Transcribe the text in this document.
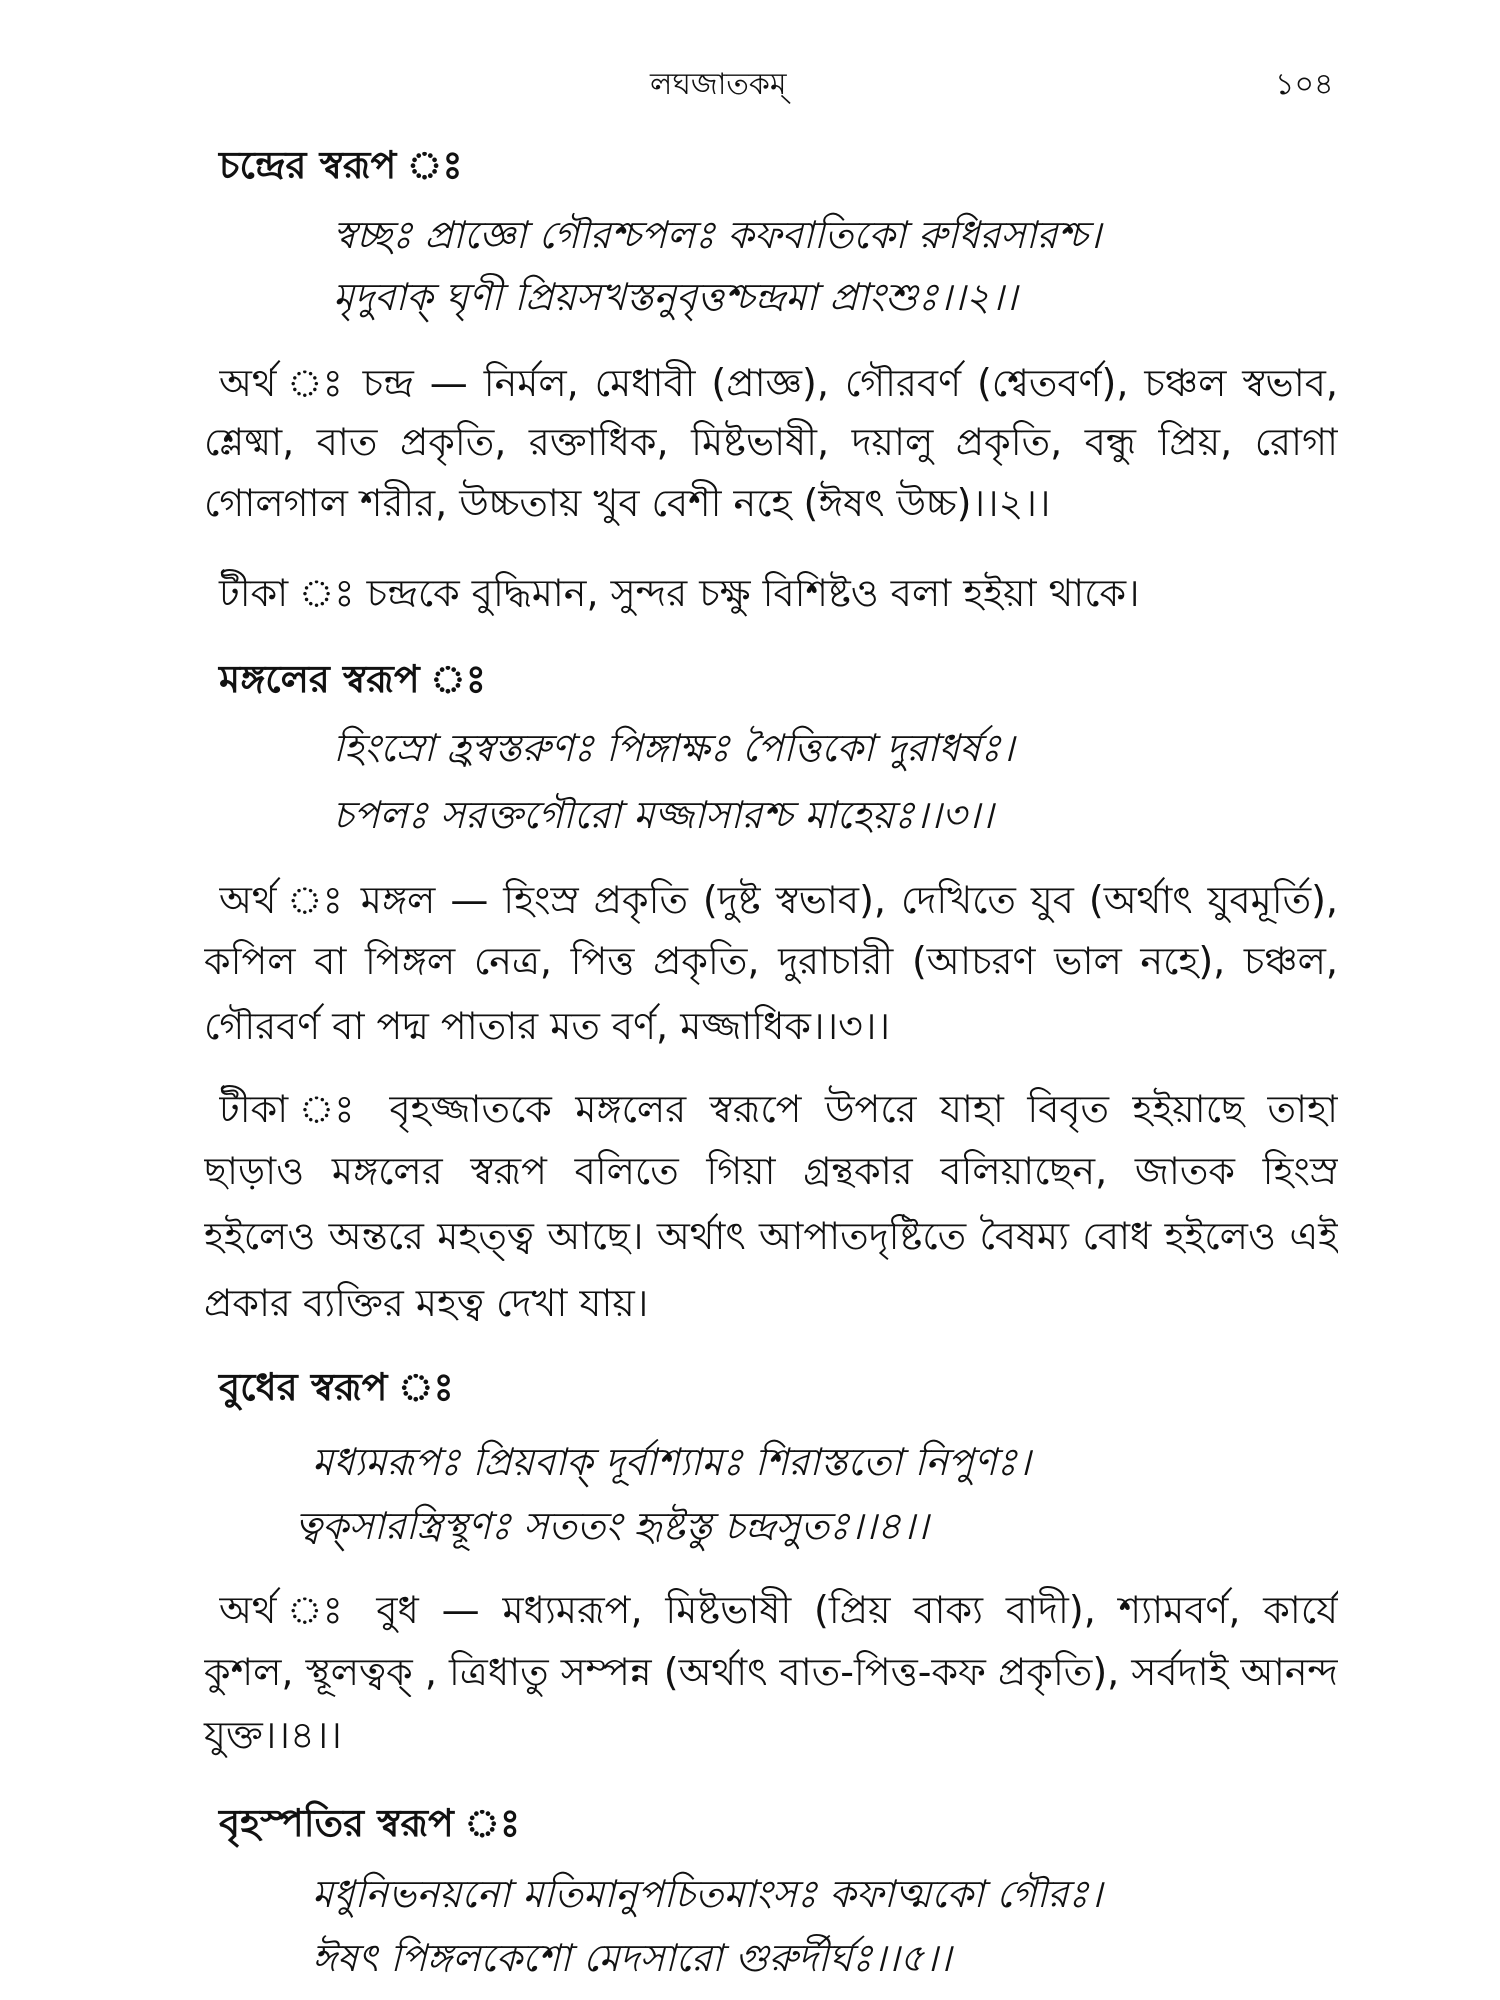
লঘজাতকম্	১০৪
চন্দ্রের স্বরূপ ঃ
স্বচ্ছঃ প্রাজ্ঞো গৌরশ্চপলঃ কফবাতিকো রুধিরসারশ্চ।
মৃদুবাক্ ঘৃণী প্রিয়সখস্তনুবৃত্তশ্চন্দ্রমা প্রাংশুঃ।।২।।
অর্থ ঃ চন্দ্র — নির্মল, মেধাবী (প্রাজ্ঞ), গৌরবর্ণ (শ্বেতবর্ণ), চঞ্চল স্বভাব,
শ্লেষ্মা, বাত প্রকৃতি, রক্তাধিক, মিষ্টভাষী, দয়ালু প্রকৃতি, বন্ধু প্রিয়, রোগা
গোলগাল শরীর, উচ্চতায় খুব বেশী নহে (ঈষৎ উচ্চ)।।২।।
টীকা ঃ চন্দ্রকে বুদ্ধিমান, সুন্দর চক্ষু বিশিষ্টও বলা হইয়া থাকে।
মঙ্গলের স্বরূপ ঃ
হিংস্রো হ্রস্বস্তরুণঃ পিঙ্গাক্ষঃ পৈত্তিকো দুরাধর্ষঃ।
চপলঃ সরক্তগৌরো মজ্জাসারশ্চ মাহেয়ঃ।।৩।।
অর্থ ঃ মঙ্গল — হিংস্র প্রকৃতি (দুষ্ট স্বভাব), দেখিতে যুব (অর্থাৎ যুবমূর্তি),
কপিল বা পিঙ্গল নেত্র, পিত্ত প্রকৃতি, দুরাচারী (আচরণ ভাল নহে), চঞ্চল,
গৌরবর্ণ বা পদ্ম পাতার মত বর্ণ, মজ্জাধিক।।৩।।
টীকা ঃ বৃহজ্জাতকে মঙ্গলের স্বরূপে উপরে যাহা বিবৃত হইয়াছে তাহা
ছাড়াও মঙ্গলের স্বরূপ বলিতে গিয়া গ্রন্থকার বলিয়াছেন, জাতক হিংস্র
হইলেও অন্তরে মহত্ত্ব আছে। অর্থাৎ আপাতদৃষ্টিতে বৈষম্য বোধ হইলেও এই
প্রকার ব্যক্তির মহত্ব দেখা যায়।
বুধের স্বরূপ ঃ
মধ্যমরূপঃ প্রিয়বাক্ দূর্বাশ্যামঃ শিরাস্ততো নিপুণঃ।
ত্বক্‌সারস্ত্রিস্থূণঃ সততং হৃষ্টস্তু চন্দ্রসুতঃ।।৪।।
অর্থ ঃ বুধ — মধ্যমরূপ, মিষ্টভাষী (প্রিয় বাক্য বাদী), শ্যামবর্ণ, কার্যে
কুশল, স্থূলত্বক্ , ত্রিধাতু সম্পন্ন (অর্থাৎ বাত-পিত্ত-কফ প্রকৃতি), সর্বদাই আনন্দ
যুক্ত।।৪।।
বৃহস্পতির স্বরূপ ঃ
মধুনিভনয়নো মতিমানুপচিতমাংসঃ কফাত্মকো গৌরঃ।
ঈষৎ পিঙ্গলকেশো মেদসারো গুরুর্দীর্ঘঃ।।৫।।
